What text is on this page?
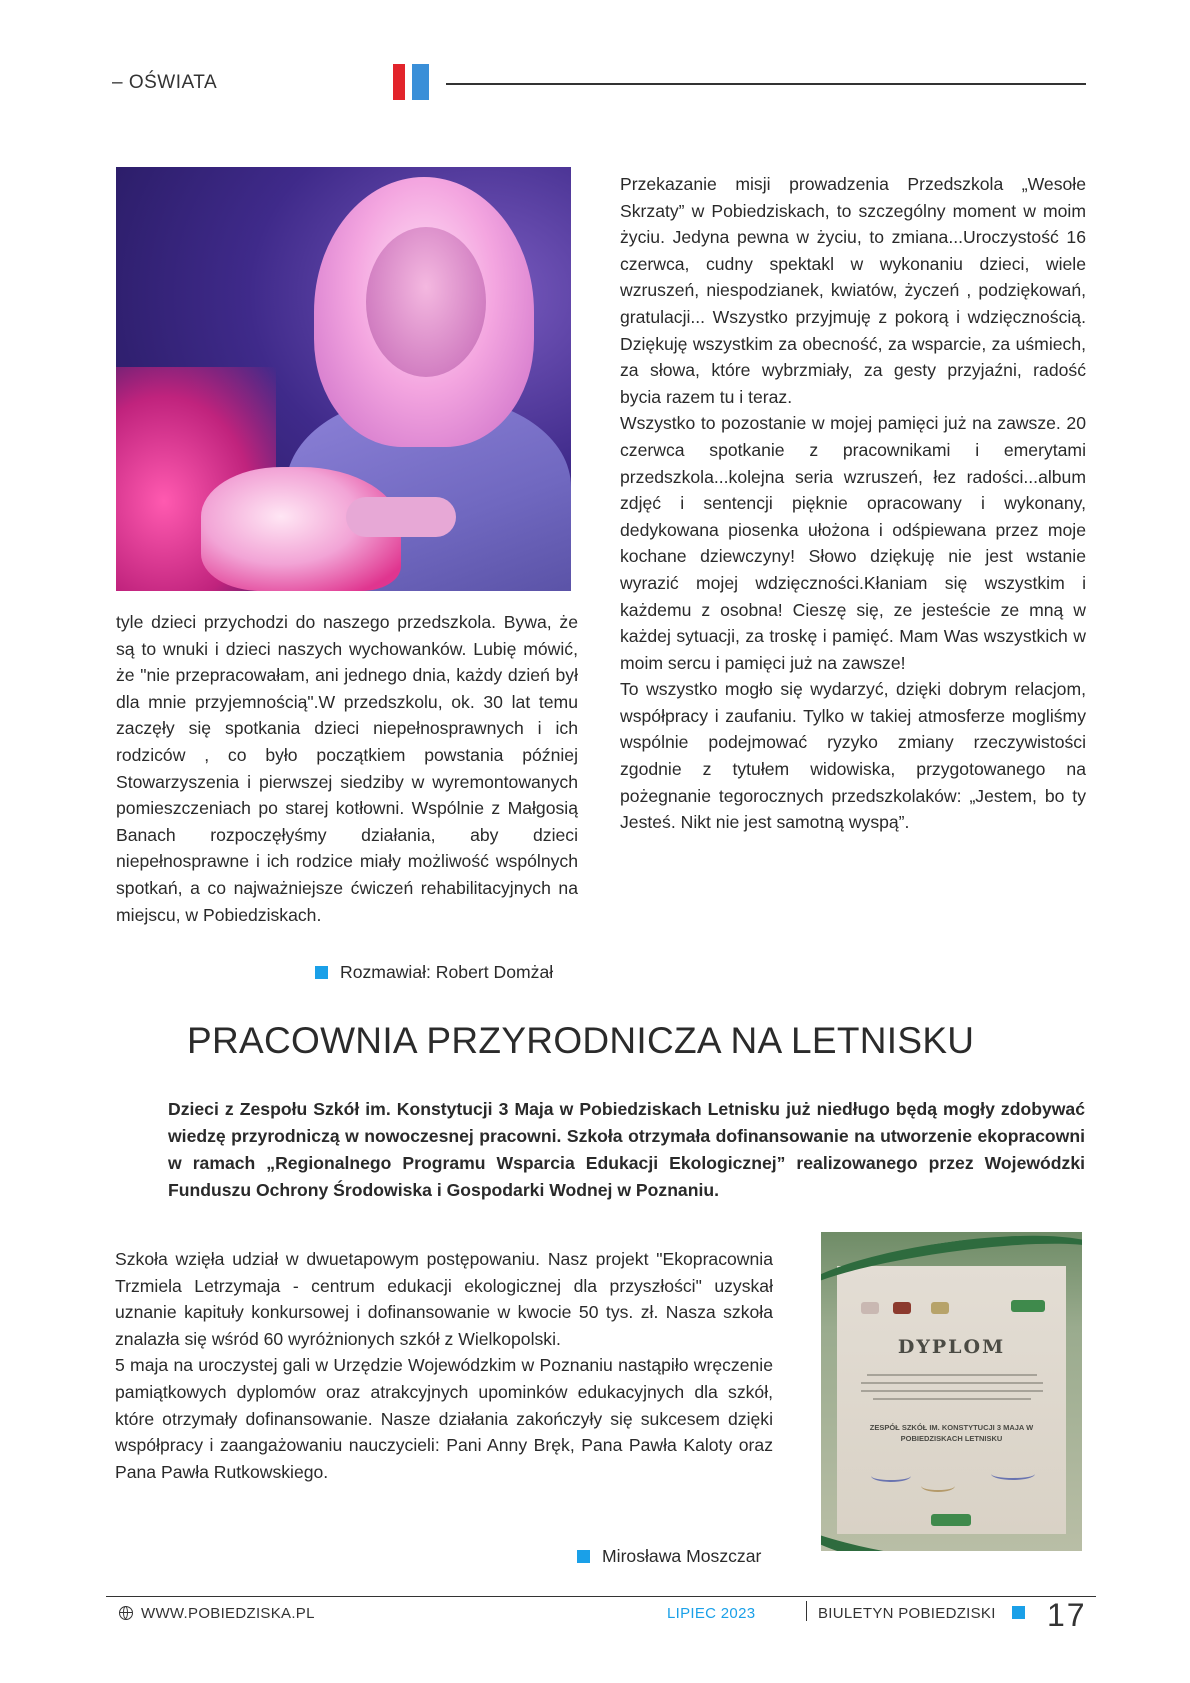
– OŚWIATA

tyle dzieci przychodzi do naszego przedszkola. Bywa, że są to wnuki i dzieci naszych wychowanków. Lubię mówić, że "nie przepracowałam, ani jednego dnia, każdy dzień był dla mnie przyjemnością".W przedszkolu, ok. 30 lat temu zaczęły się spotkania dzieci niepełnosprawnych i ich rodziców , co było początkiem powstania później Stowarzyszenia i pierwszej siedziby w wyremontowanych pomieszczeniach po starej kotłowni. Wspólnie z Małgosią Banach rozpoczęłyśmy działania, aby dzieci niepełnosprawne i ich rodzice miały możliwość wspólnych spotkań, a co najważniejsze ćwiczeń rehabilitacyjnych na miejscu, w Pobiedziskach.

Rozmawiał: Robert Domżał

Przekazanie misji prowadzenia Przedszkola „Wesołe Skrzaty” w Pobiedziskach, to szczególny moment w moim życiu. Jedyna pewna w życiu, to zmiana...Uroczystość 16 czerwca, cudny spektakl w wykonaniu dzieci, wiele wzruszeń, niespodzianek, kwiatów, życzeń , podziękowań, gratulacji... Wszystko przyjmuję z pokorą i wdzięcznością. Dziękuję wszystkim za obecność, za wsparcie, za uśmiech, za słowa, które wybrzmiały, za gesty przyjaźni, radość bycia razem tu i teraz.

Wszystko to pozostanie w mojej pamięci już na zawsze. 20 czerwca spotkanie z pracownikami i emerytami przedszkola...kolejna seria wzruszeń, łez radości...album zdjęć i sentencji pięknie opracowany i wykonany, dedykowana piosenka ułożona i odśpiewana przez moje kochane dziewczyny! Słowo dziękuję nie jest wstanie wyrazić mojej wdzięczności.Kłaniam się wszystkim i każdemu z osobna! Cieszę się, ze jesteście ze mną w każdej sytuacji, za troskę i pamięć. Mam Was wszystkich w moim sercu i pamięci już na zawsze!

To wszystko mogło się wydarzyć, dzięki dobrym relacjom, współpracy i zaufaniu. Tylko w takiej atmosferze mogliśmy wspólnie podejmować ryzyko zmiany rzeczywistości zgodnie z tytułem widowiska, przygotowanego na pożegnanie tegorocznych przedszkolaków: „Jestem, bo ty Jesteś. Nikt nie jest samotną wyspą”.

PRACOWNIA PRZYRODNICZA NA LETNISKU
Dzieci z Zespołu Szkół im. Konstytucji 3 Maja w Pobiedziskach Letnisku już niedługo będą mogły zdobywać wiedzę przyrodniczą w nowoczesnej pracowni. Szkoła otrzymała dofinansowanie na utworzenie ekopracowni w ramach „Regionalnego Programu Wsparcia Edukacji Ekologicznej” realizowanego przez Wojewódzki Funduszu Ochrony Środowiska i Gospodarki Wodnej w Poznaniu.

Szkoła wzięła udział w dwuetapowym postępowaniu. Nasz projekt "Ekopracownia Trzmiela Letrzymaja - centrum edukacji ekologicznej dla przyszłości" uzyskał uznanie kapituły konkursowej i dofinansowanie w kwocie 50 tys. zł. Nasza szkoła znalazła się wśród 60 wyróżnionych szkół z Wielkopolski.

5 maja na uroczystej gali w Urzędzie Wojewódzkim w Poznaniu nastąpiło wręczenie pamiątkowych dyplomów oraz atrakcyjnych upominków edukacyjnych dla szkół, które otrzymały dofinansowanie. Nasze działania zakończyły się sukcesem dzięki współpracy i zaangażowaniu nauczycieli: Pani Anny Bręk, Pana Pawła Kaloty oraz Pana Pawła Rutkowskiego.

Mirosława Moszczar
DYPLOM
ZESPÓŁ SZKÓŁ IM. KONSTYTUCJI 3 MAJA W POBIEDZISKACH LETNISKU
WWW.POBIEDZISKA.PL	LIPIEC 2023	BIULETYN POBIEDZISKI 17
